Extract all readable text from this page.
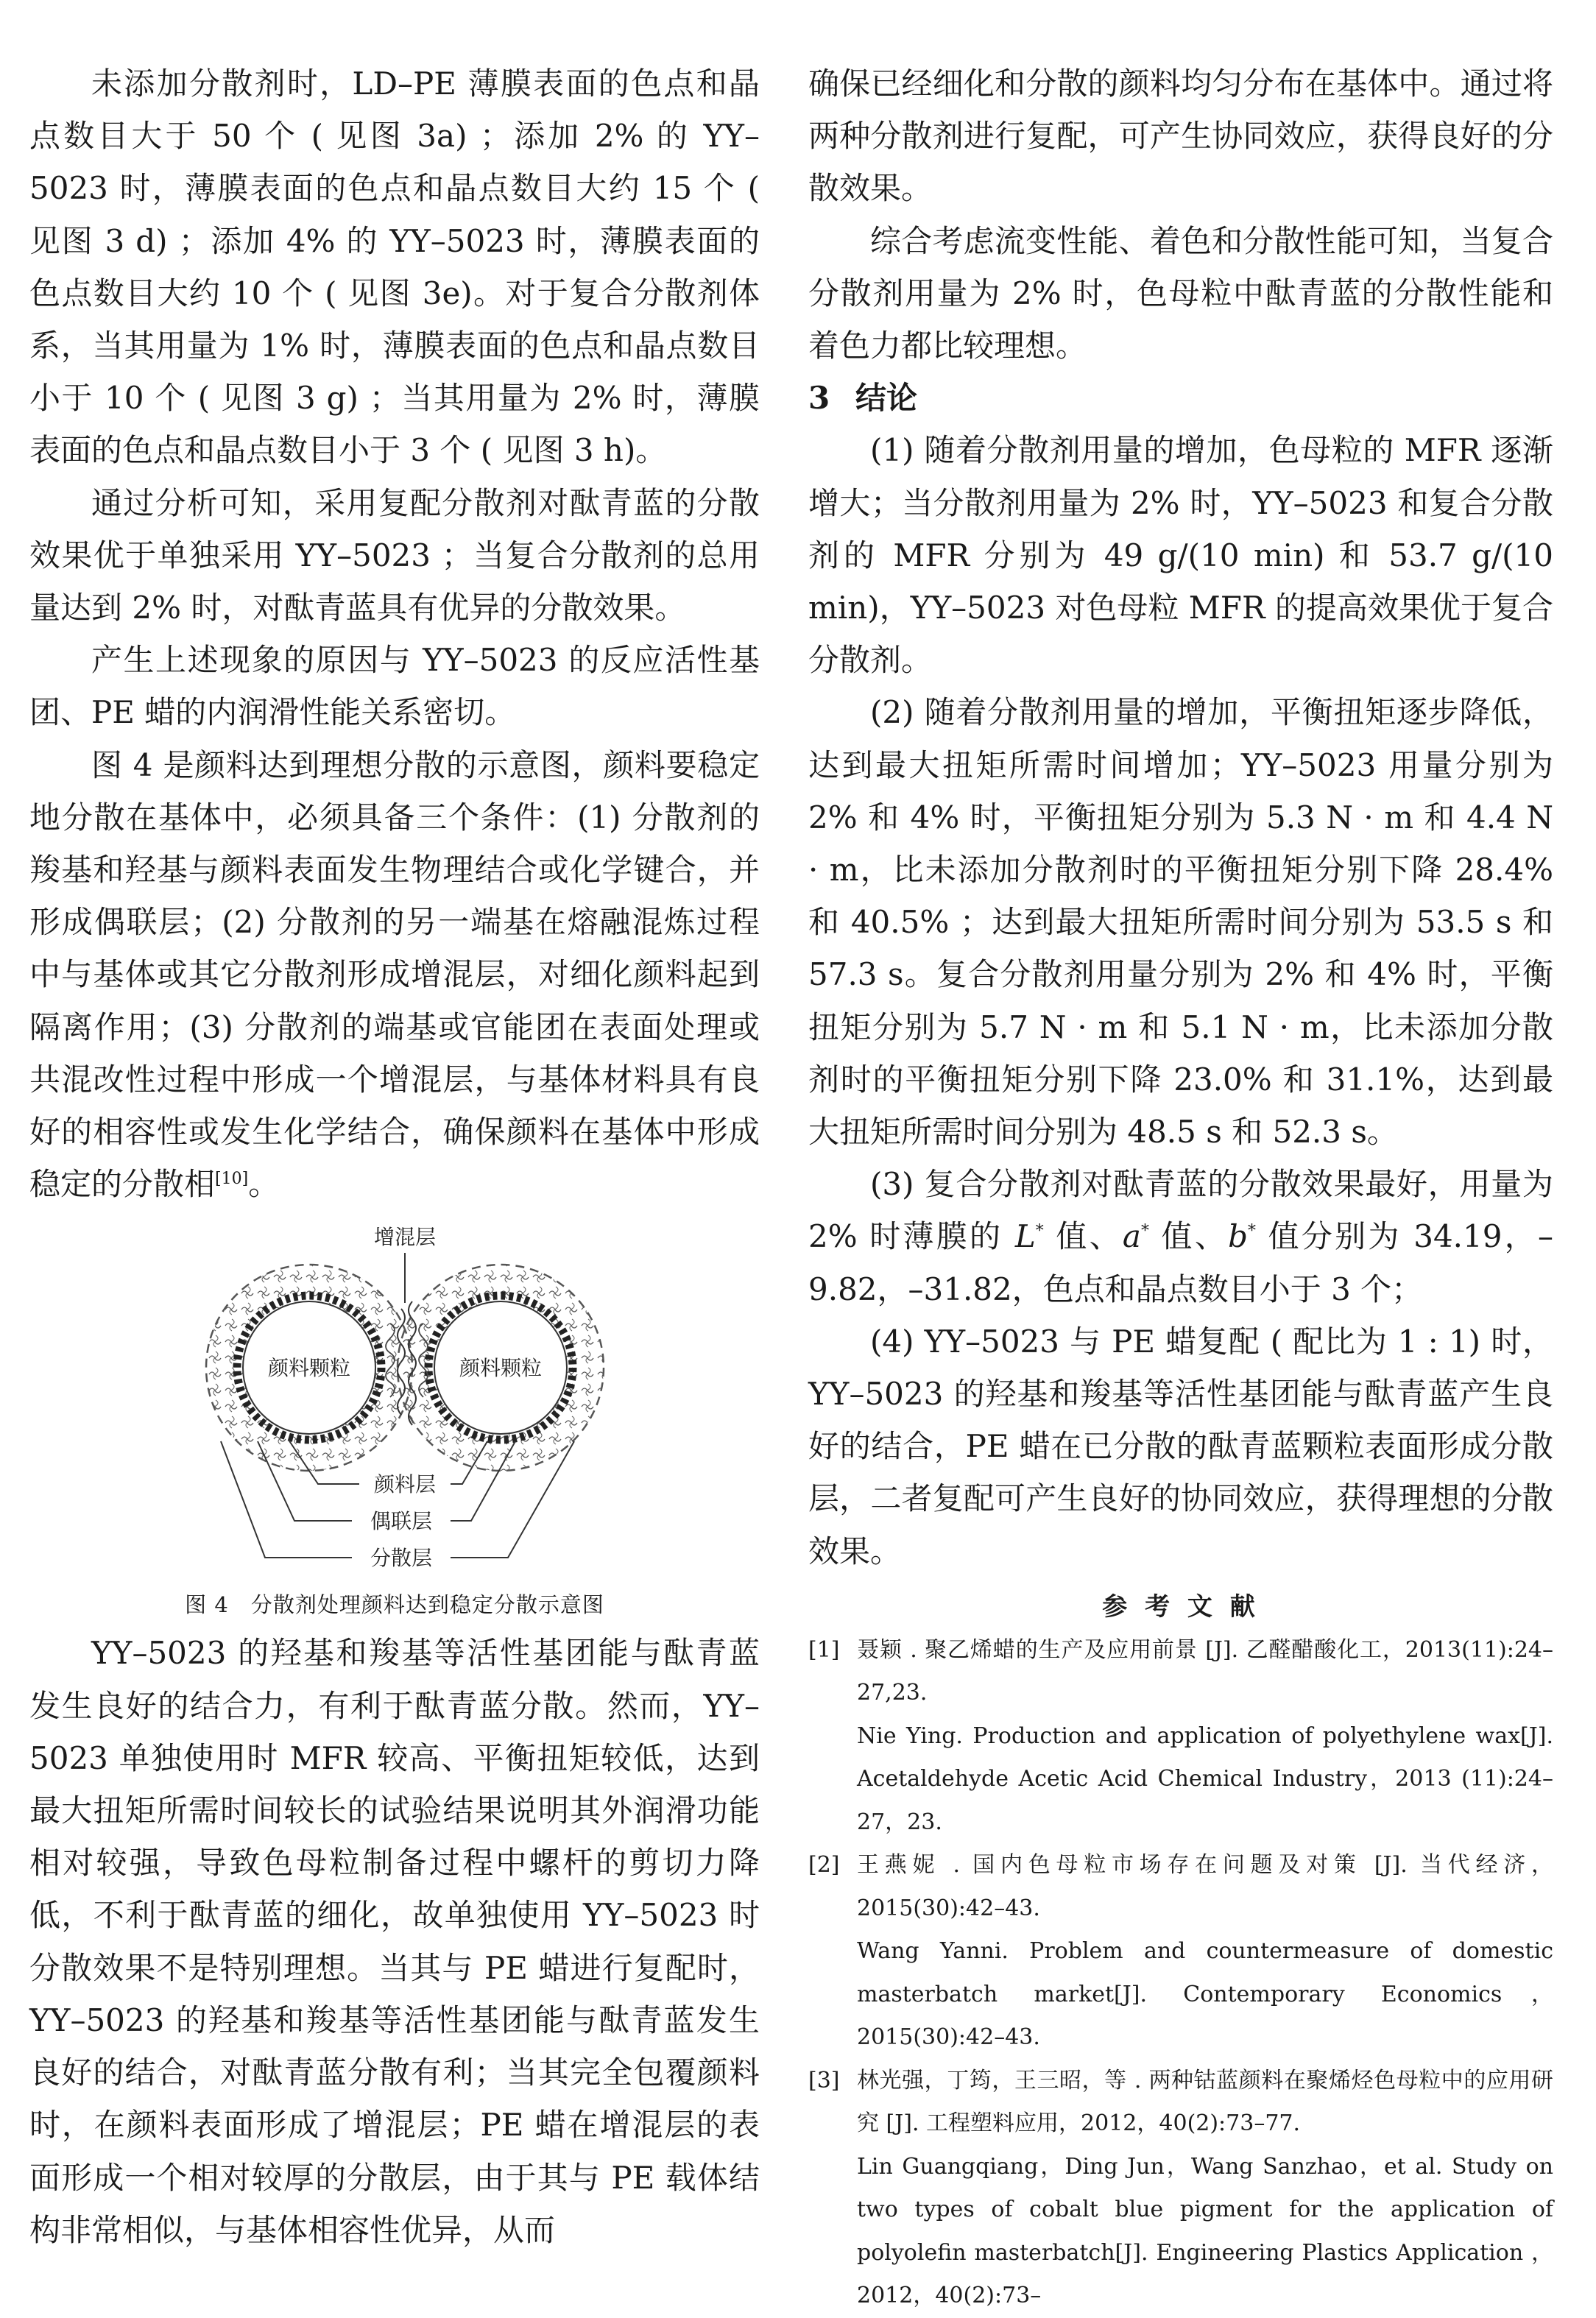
未添加分散剂时，LD–PE 薄膜表面的色点和晶点数目大于 50 个 ( 见图 3a) ；添加 2% 的 YY–5023 时，薄膜表面的色点和晶点数目大约 15 个 ( 见图 3 d) ；添加 4% 的 YY–5023 时，薄膜表面的色点数目大约 10 个 ( 见图 3e)。对于复合分散剂体系，当其用量为 1% 时，薄膜表面的色点和晶点数目小于 10 个 ( 见图 3 g) ；当其用量为 2% 时，薄膜表面的色点和晶点数目小于 3 个 ( 见图 3 h)。

通过分析可知，采用复配分散剂对酞青蓝的分散效果优于单独采用 YY–5023 ；当复合分散剂的总用量达到 2% 时，对酞青蓝具有优异的分散效果。

产生上述现象的原因与 YY–5023 的反应活性基团、PE 蜡的内润滑性能关系密切。

图 4 是颜料达到理想分散的示意图，颜料要稳定地分散在基体中，必须具备三个条件：(1) 分散剂的羧基和羟基与颜料表面发生物理结合或化学键合，并形成偶联层；(2) 分散剂的另一端基在熔融混炼过程中与基体或其它分散剂形成增混层，对细化颜料起到隔离作用；(3) 分散剂的端基或官能团在表面处理或共混改性过程中形成一个增混层，与基体材料具有良好的相容性或发生化学结合，确保颜料在基体中形成稳定的分散相[10]。

增混层
颜料颗粒	颜料颗粒
颜料层
偶联层
分散层

图 4　分散剂处理颜料达到稳定分散示意图

YY–5023 的羟基和羧基等活性基团能与酞青蓝发生良好的结合力，有利于酞青蓝分散。然而，YY–5023 单独使用时 MFR 较高、平衡扭矩较低，达到最大扭矩所需时间较长的试验结果说明其外润滑功能相对较强，导致色母粒制备过程中螺杆的剪切力降低，不利于酞青蓝的细化，故单独使用 YY–5023 时分散效果不是特别理想。当其与 PE 蜡进行复配时，YY–5023 的羟基和羧基等活性基团能与酞青蓝发生良好的结合，对酞青蓝分散有利；当其完全包覆颜料时，在颜料表面形成了增混层；PE 蜡在增混层的表面形成一个相对较厚的分散层，由于其与 PE 载体结构非常相似，与基体相容性优异，从而

确保已经细化和分散的颜料均匀分布在基体中。通过将两种分散剂进行复配，可产生协同效应，获得良好的分散效果。

综合考虑流变性能、着色和分散性能可知，当复合分散剂用量为 2% 时，色母粒中酞青蓝的分散性能和着色力都比较理想。

3 结论

(1) 随着分散剂用量的增加，色母粒的 MFR 逐渐增大；当分散剂用量为 2% 时，YY–5023 和复合分散剂的 MFR 分别为 49 g/(10 min) 和 53.7 g/(10 min)，YY–5023 对色母粒 MFR 的提高效果优于复合分散剂。

(2) 随着分散剂用量的增加，平衡扭矩逐步降低，达到最大扭矩所需时间增加；YY–5023 用量分别为 2% 和 4% 时，平衡扭矩分别为 5.3 N · m 和 4.4 N · m，比未添加分散剂时的平衡扭矩分别下降 28.4% 和 40.5% ；达到最大扭矩所需时间分别为 53.5 s 和 57.3 s。复合分散剂用量分别为 2% 和 4% 时，平衡扭矩分别为 5.7 N · m 和 5.1 N · m，比未添加分散剂时的平衡扭矩分别下降 23.0% 和 31.1%，达到最大扭矩所需时间分别为 48.5 s 和 52.3 s。

(3) 复合分散剂对酞青蓝的分散效果最好，用量为 2% 时薄膜的 L* 值、a* 值、b* 值分别为 34.19，–9.82，–31.82，色点和晶点数目小于 3 个；

(4) YY–5023 与 PE 蜡复配 ( 配比为 1 : 1) 时，YY–5023 的羟基和羧基等活性基团能与酞青蓝产生良好的结合，PE 蜡在已分散的酞青蓝颗粒表面形成分散层，二者复配可产生良好的协同效应，获得理想的分散效果。

参 考 文 献

[1] 聂颖 . 聚乙烯蜡的生产及应用前景 [J]. 乙醛醋酸化工，2013(11):24–27,23.
Nie Ying. Production and application of polyethylene wax[J]. Acetaldehyde Acetic Acid Chemical Industry，2013 (11):24–27，23.
[2] 王燕妮 . 国内色母粒市场存在问题及对策 [J]. 当代经济，2015(30):42–43.
Wang Yanni. Problem and countermeasure of domestic masterbatch market[J]. Contemporary Economics，2015(30):42–43.
[3] 林光强，丁筠，王三昭，等 . 两种钴蓝颜料在聚烯烃色母粒中的应用研究 [J]. 工程塑料应用，2012，40(2):73–77.
Lin Guangqiang，Ding Jun，Wang Sanzhao，et al. Study on two types of cobalt blue pigment for the application of polyolefin masterbatch[J]. Engineering Plastics Application ，2012，40(2):73–
